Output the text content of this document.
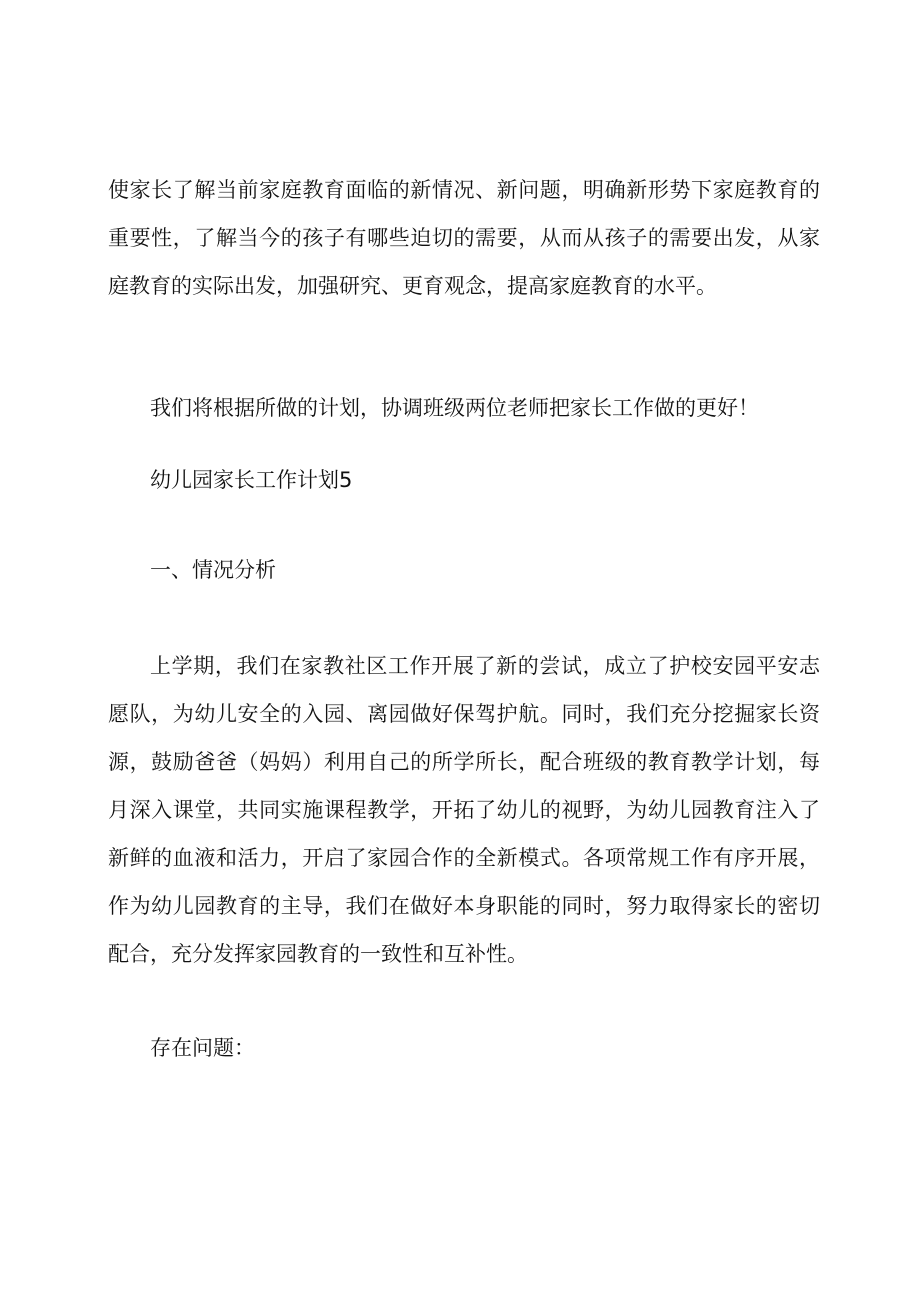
使家长了解当前家庭教育面临的新情况、新问题，明确新形势下家庭教育的重要性，了解当今的孩子有哪些迫切的需要，从而从孩子的需要出发，从家庭教育的实际出发，加强研究、更育观念，提高家庭教育的水平。

我们将根据所做的计划，协调班级两位老师把家长工作做的更好！

幼儿园家长工作计划5

一、情况分析

上学期，我们在家教社区工作开展了新的尝试，成立了护校安园平安志愿队，为幼儿安全的入园、离园做好保驾护航。同时，我们充分挖掘家长资源，鼓励爸爸（妈妈）利用自己的所学所长，配合班级的教育教学计划，每月深入课堂，共同实施课程教学，开拓了幼儿的视野，为幼儿园教育注入了新鲜的血液和活力，开启了家园合作的全新模式。各项常规工作有序开展，作为幼儿园教育的主导，我们在做好本身职能的同时，努力取得家长的密切配合，充分发挥家园教育的一致性和互补性。

存在问题：
